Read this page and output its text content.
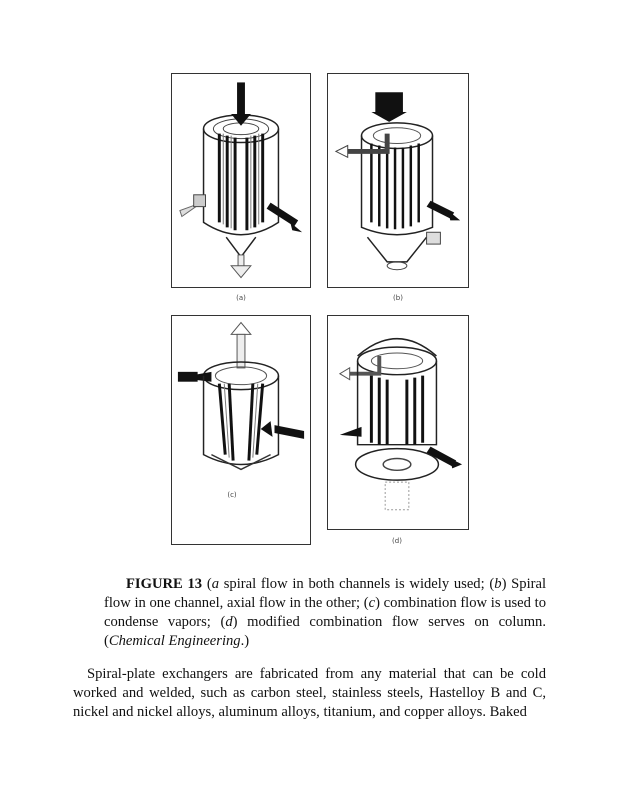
(a)	(b)
(c)
(d)
FIGURE 13 (a spiral flow in both channels is widely used; (b) Spiral flow in one channel, axial flow in the other; (c) combination flow is used to condense vapors; (d) modified combination flow serves on column. (Chemical Engineering.)
Spiral-plate exchangers are fabricated from any material that can be cold worked and welded, such as carbon steel, stainless steels, Hastelloy B and C, nickel and nickel alloys, aluminum alloys, titanium, and copper alloys. Baked
